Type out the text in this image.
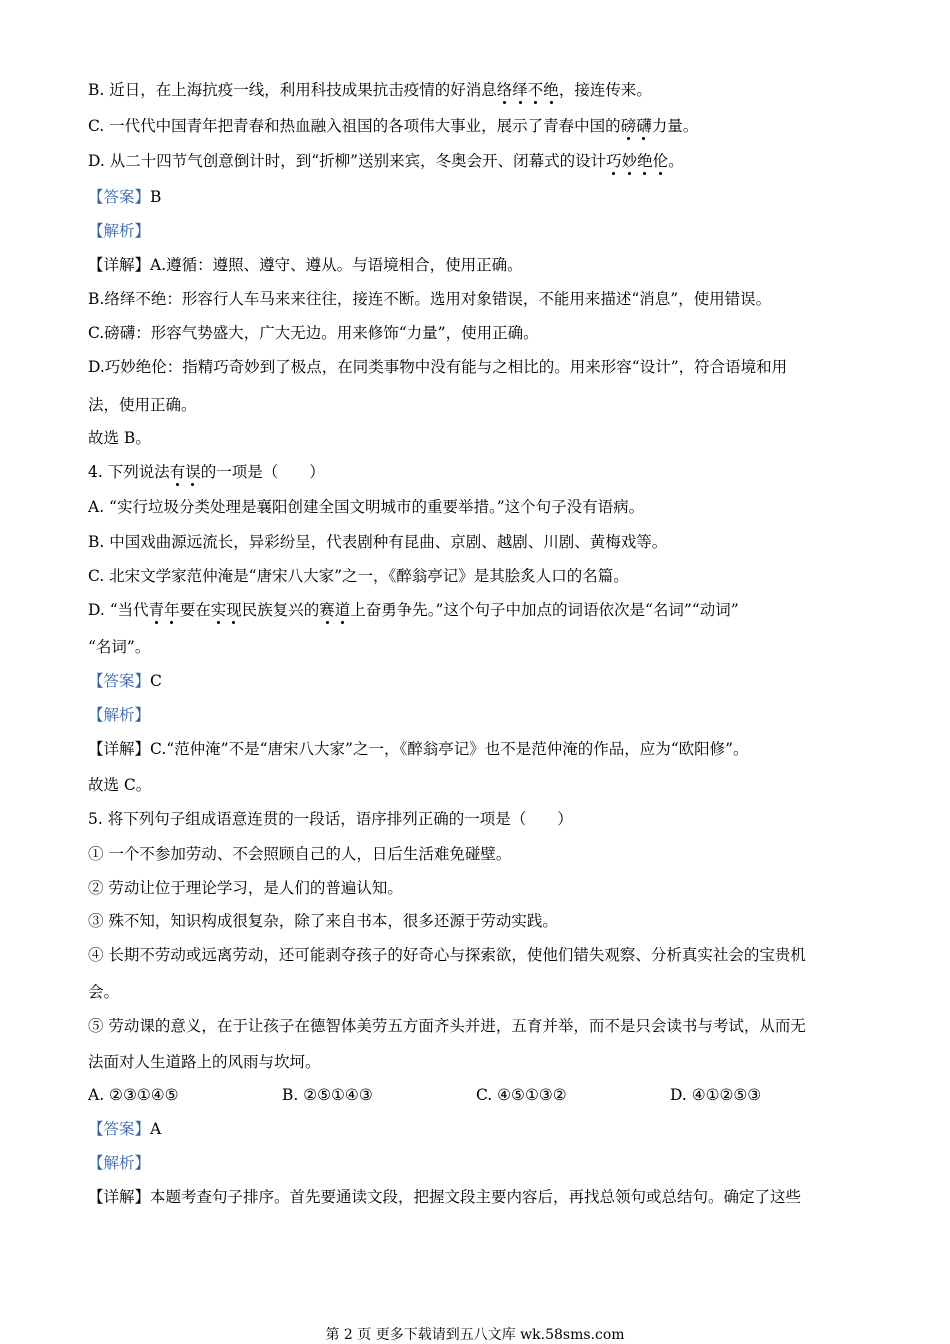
B. 近日，在上海抗疫一线，利用科技成果抗击疫情的好消息络绎不绝，接连传来。
C. 一代代中国青年把青春和热血融入祖国的各项伟大事业，展示了青春中国的磅礴力量。
D. 从二十四节气创意倒计时，到“折柳”送别来宾，冬奥会开、闭幕式的设计巧妙绝伦。
【答案】B
【解析】
【详解】A.遵循：遵照、遵守、遵从。与语境相合，使用正确。
B.络绎不绝：形容行人车马来来往往，接连不断。选用对象错误，不能用来描述“消息”，使用错误。
C.磅礴：形容气势盛大，广大无边。用来修饰“力量”，使用正确。
D.巧妙绝伦：指精巧奇妙到了极点，在同类事物中没有能与之相比的。用来形容“设计”，符合语境和用
法，使用正确。
故选 B。
4. 下列说法有误的一项是（　　）
A. “实行垃圾分类处理是襄阳创建全国文明城市的重要举措。”这个句子没有语病。
B. 中国戏曲源远流长，异彩纷呈，代表剧种有昆曲、京剧、越剧、川剧、黄梅戏等。
C. 北宋文学家范仲淹是“唐宋八大家”之一，《醉翁亭记》是其脍炙人口的名篇。
D. “当代青年要在实现民族复兴的赛道上奋勇争先。”这个句子中加点的词语依次是“名词”“动词”
“名词”。
【答案】C
【解析】
【详解】C.“范仲淹”不是“唐宋八大家”之一，《醉翁亭记》也不是范仲淹的作品，应为“欧阳修”。
故选 C。
5. 将下列句子组成语意连贯的一段话，语序排列正确的一项是（　　）
① 一个不参加劳动、不会照顾自己的人，日后生活难免碰壁。
② 劳动让位于理论学习，是人们的普遍认知。
③ 殊不知，知识构成很复杂，除了来自书本，很多还源于劳动实践。
④ 长期不劳动或远离劳动，还可能剥夺孩子的好奇心与探索欲，使他们错失观察、分析真实社会的宝贵机
会。
⑤ 劳动课的意义，在于让孩子在德智体美劳五方面齐头并进，五育并举，而不是只会读书与考试，从而无
法面对人生道路上的风雨与坎坷。
A. ②③①④⑤	B. ②⑤①④③	C. ④⑤①③②	D. ④①②⑤③
【答案】A
【解析】
【详解】本题考查句子排序。首先要通读文段，把握文段主要内容后，再找总领句或总结句。确定了这些
第 2 页 更多下载请到五八文库 wk.58sms.com
